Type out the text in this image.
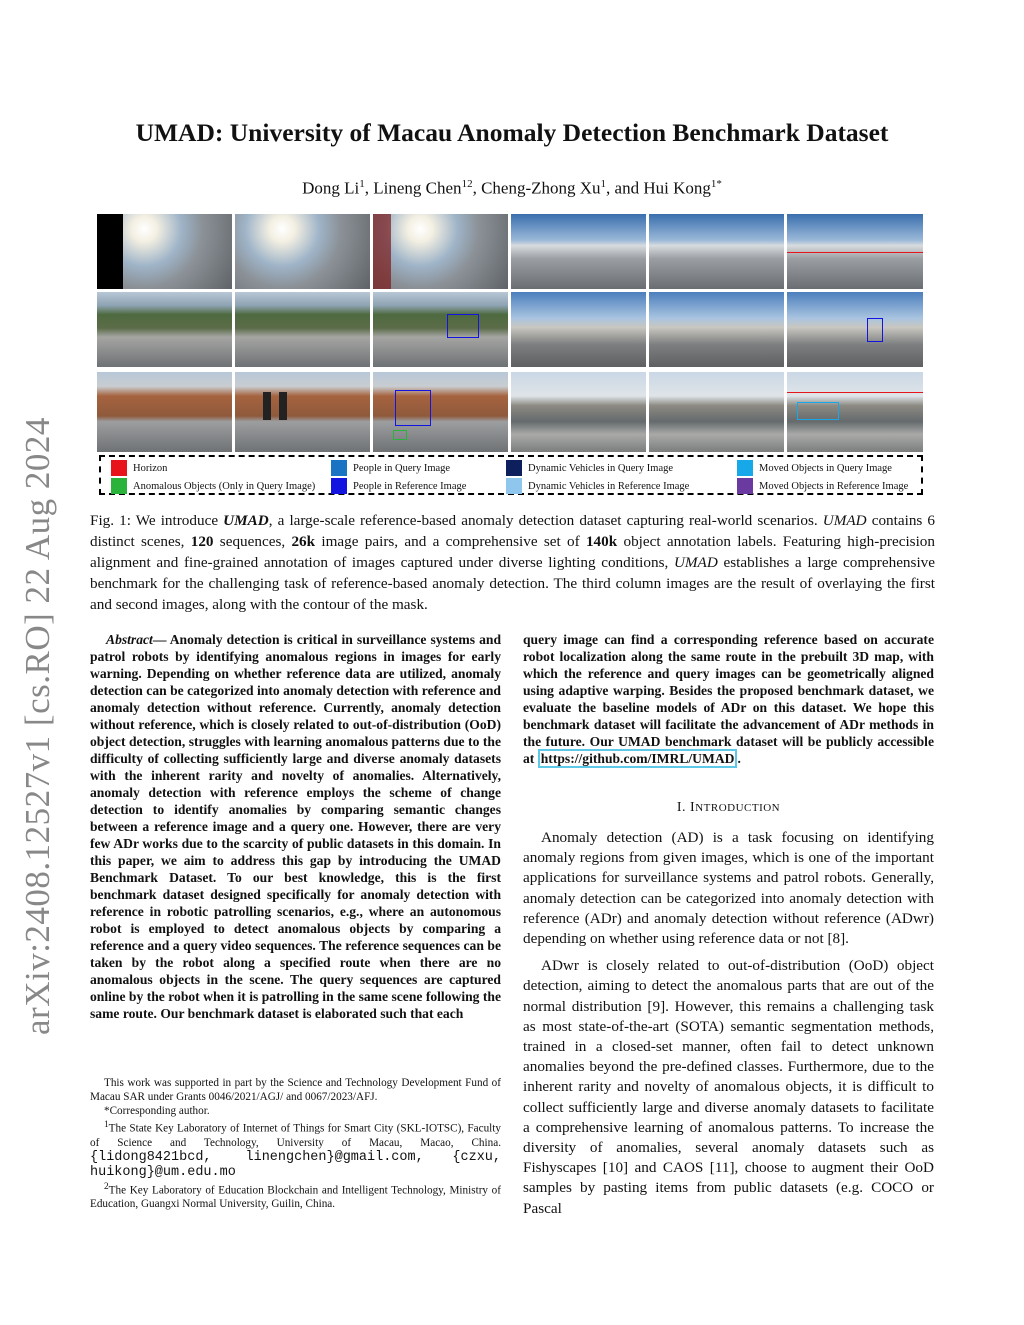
arXiv:2408.12527v1 [cs.RO] 22 Aug 2024
UMAD: University of Macau Anomaly Detection Benchmark Dataset
Dong Li$^1$, Lineng Chen$^{12}$, Cheng-Zhong Xu$^1$, and Hui Kong$^{1*}$
Horizon
Anomalous Objects (Only in Query Image)
People in Query Image
People in Reference Image
Dynamic Vehicles in Query Image
Dynamic Vehicles in Reference Image
Moved Objects in Query Image
Moved Objects in Reference Image
Fig. 1: We introduce UMAD, a large-scale reference-based anomaly detection dataset capturing real-world scenarios. UMAD contains 6 distinct scenes, 120 sequences, 26k image pairs, and a comprehensive set of 140k object annotation labels. Featuring high-precision alignment and fine-grained annotation of images captured under diverse lighting conditions, UMAD establishes a large comprehensive benchmark for the challenging task of reference-based anomaly detection. The third column images are the result of overlaying the first and second images, along with the contour of the mask.
Abstract— Anomaly detection is critical in surveillance systems and patrol robots by identifying anomalous regions in images for early warning. Depending on whether reference data are utilized, anomaly detection can be categorized into anomaly detection with reference and anomaly detection without reference. Currently, anomaly detection without reference, which is closely related to out-of-distribution (OoD) object detection, struggles with learning anomalous patterns due to the difficulty of collecting sufficiently large and diverse anomaly datasets with the inherent rarity and novelty of anomalies. Alternatively, anomaly detection with reference employs the scheme of change detection to identify anomalies by comparing semantic changes between a reference image and a query one. However, there are very few ADr works due to the scarcity of public datasets in this domain. In this paper, we aim to address this gap by introducing the UMAD Benchmark Dataset. To our best knowledge, this is the first benchmark dataset designed specifically for anomaly detection with reference in robotic patrolling scenarios, e.g., where an autonomous robot is employed to detect anomalous objects by comparing a reference and a query video sequences. The reference sequences can be taken by the robot along a specified route when there are no anomalous objects in the scene. The query sequences are captured online by the robot when it is patrolling in the same scene following the same route. Our benchmark dataset is elaborated such that each
query image can find a corresponding reference based on accurate robot localization along the same route in the prebuilt 3D map, with which the reference and query images can be geometrically aligned using adaptive warping. Besides the proposed benchmark dataset, we evaluate the baseline models of ADr on this dataset. We hope this benchmark dataset will facilitate the advancement of ADr methods in the future. Our UMAD benchmark dataset will be publicly accessible at https://github.com/IMRL/UMAD .
I. INTRODUCTION

Anomaly detection (AD) is a task focusing on identifying anomaly regions from given images, which is one of the important applications for surveillance systems and patrol robots. Generally, anomaly detection can be categorized into anomaly detection with reference (ADr) and anomaly detection without reference (ADwr) depending on whether using reference data or not [8].

ADwr is closely related to out-of-distribution (OoD) object detection, aiming to detect the anomalous parts that are out of the normal distribution [9]. However, this remains a challenging task as most state-of-the-art (SOTA) semantic segmentation methods, trained in a closed-set manner, often fail to detect unknown anomalies beyond the pre-defined classes. Furthermore, due to the inherent rarity and novelty of anomalous objects, it is difficult to collect sufficiently large and diverse anomaly datasets to facilitate a comprehensive learning of anomalous patterns. To increase the diversity of anomalies, several anomaly datasets such as Fishyscapes [10] and CAOS [11], choose to augment their OoD samples by pasting items from public datasets (e.g. COCO or Pascal

This work was supported in part by the Science and Technology Development Fund of Macau SAR under Grants 0046/2021/AGJ/ and 0067/2023/AFJ.

*Corresponding author.

$^1$The State Key Laboratory of Internet of Things for Smart City (SKL-IOTSC), Faculty of Science and Technology, University of Macau, Macao, China. {lidong8421bcd, linengchen}@gmail.com, {czxu, huikong}@um.edu.mo

$^2$The Key Laboratory of Education Blockchain and Intelligent Technology, Ministry of Education, Guangxi Normal University, Guilin, China.
